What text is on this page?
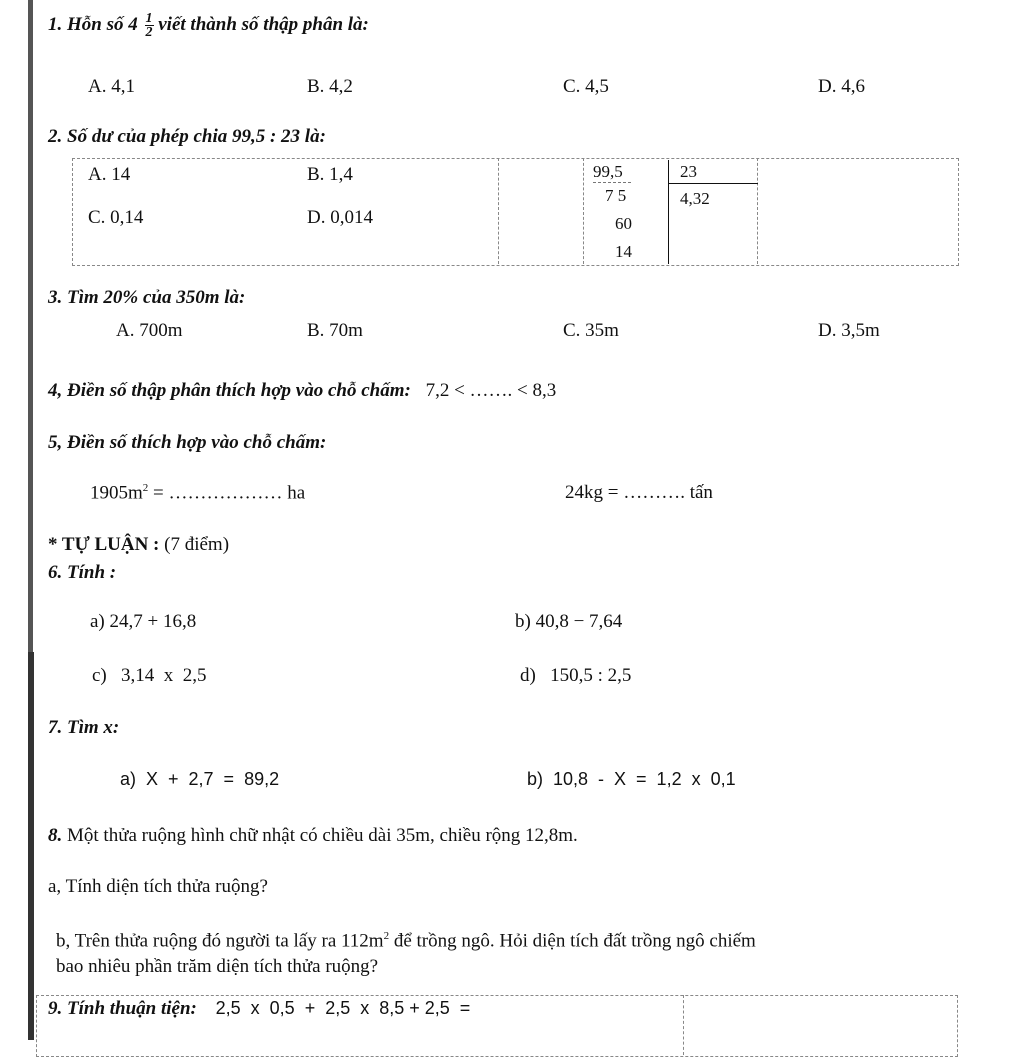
1. Hỗn số $4 \frac{1}{2}$ viết thành số thập phân là:
A. 4,1	B. 4,2	C. 4,5	D. 4,6
2. Số dư của phép chia 99,5 : 23 là:
A. 14	B. 1,4
C. 0,14	D. 0,014
99,5	23
4,32
7 5
60
14
3. Tìm 20% của 350m là:
A. 700m	B. 70m	C. 35m	D. 3,5m
4, Điền số thập phân thích hợp vào chỗ chấm: 7,2 < ……. < 8,3
5, Điền số thích hợp vào chỗ chấm:
$1905m^2$ = ……………… ha	24kg = ………. tấn
* TỰ LUẬN : (7 điểm)
6. Tính :
a) 24,7 + 16,8	b) 40,8 − 7,64
c)   3,14  x  2,5	d)   150,5 : 2,5
7. Tìm x:
a)  X  +  2,7  =  89,2	b)  10,8  -  X  =  1,2  x  0,1
8. Một thửa ruộng hình chữ nhật có chiều dài 35m, chiều rộng 12,8m.
a, Tính diện tích thửa ruộng?
b, Trên thửa ruộng đó người ta lấy ra $112m^2$ để trồng ngô. Hỏi diện tích đất trồng ngô chiếm
bao nhiêu phần trăm diện tích thửa ruộng?
9. Tính thuận tiện: 2,5  x  0,5  +  2,5  x  8,5 + 2,5  =
